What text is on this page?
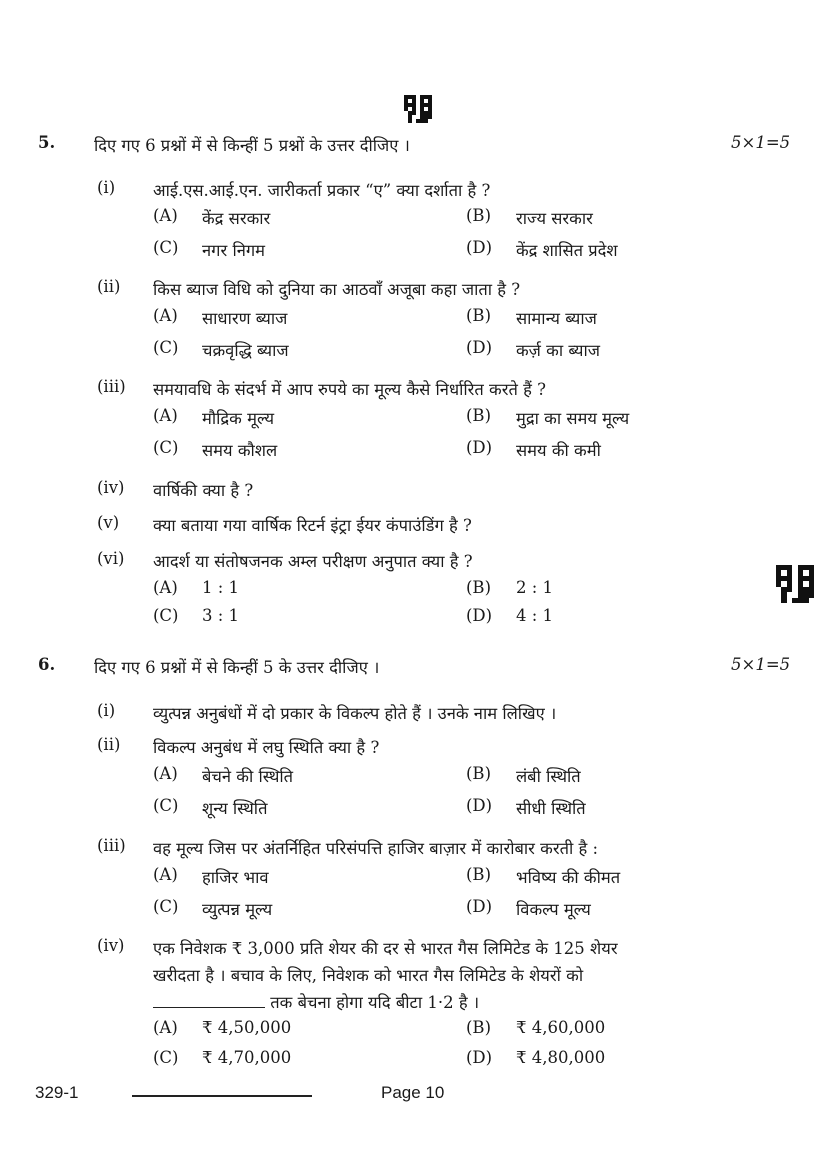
5. दिए गए 6 प्रश्नों में से किन्हीं 5 प्रश्नों के उत्तर दीजिए ।	5×1=5
(i) आई.एस.आई.एन. जारीकर्ता प्रकार “ए” क्या दर्शाता है ?
(A) केंद्र सरकार	(B) राज्य सरकार
(C) नगर निगम	(D) केंद्र शासित प्रदेश
(ii) किस ब्याज विधि को दुनिया का आठवाँ अजूबा कहा जाता है ?
(A) साधारण ब्याज	(B) सामान्य ब्याज
(C) चक्रवृद्धि ब्याज	(D) कर्ज़ का ब्याज
(iii) समयावधि के संदर्भ में आप रुपये का मूल्य कैसे निर्धारित करते हैं ?
(A) मौद्रिक मूल्य	(B) मुद्रा का समय मूल्य
(C) समय कौशल	(D) समय की कमी
(iv) वार्षिकी क्या है ?
(v) क्या बताया गया वार्षिक रिटर्न इंट्रा ईयर कंपाउंडिंग है ?
(vi) आदर्श या संतोषजनक अम्ल परीक्षण अनुपात क्या है ?
(A) 1 : 1	(B) 2 : 1
(C) 3 : 1	(D) 4 : 1
6. दिए गए 6 प्रश्नों में से किन्हीं 5 के उत्तर दीजिए ।	5×1=5
(i) व्युत्पन्न अनुबंधों में दो प्रकार के विकल्प होते हैं । उनके नाम लिखिए ।
(ii) विकल्प अनुबंध में लघु स्थिति क्या है ?
(A) बेचने की स्थिति	(B) लंबी स्थिति
(C) शून्य स्थिति	(D) सीधी स्थिति
(iii) वह मूल्य जिस पर अंतर्निहित परिसंपत्ति हाजिर बाज़ार में कारोबार करती है :
(A) हाजिर भाव	(B) भविष्य की कीमत
(C) व्युत्पन्न मूल्य	(D) विकल्प मूल्य
(iv) एक निवेशक ₹ 3,000 प्रति शेयर की दर से भारत गैस लिमिटेड के 125 शेयर
खरीदता है । बचाव के लिए, निवेशक को भारत गैस लिमिटेड के शेयरों को
तक बेचना होगा यदि बीटा 1·2 है ।
(A) ₹ 4,50,000	(B) ₹ 4,60,000
(C) ₹ 4,70,000	(D) ₹ 4,80,000
329-1	Page 10
